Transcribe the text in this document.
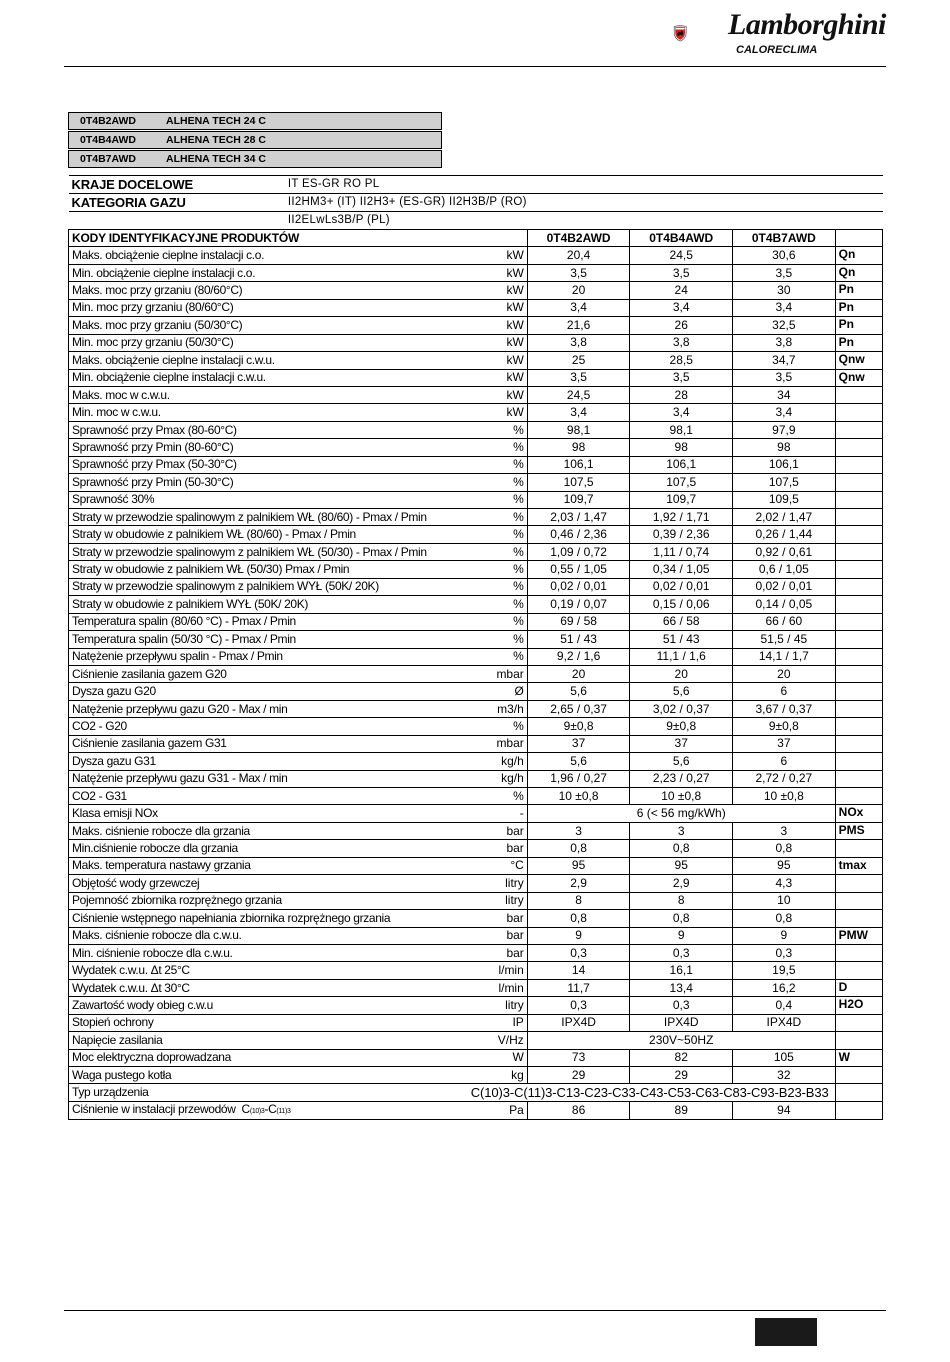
Lamborghini
CALORECLIMA
0T4B2AWD	ALHENA TECH 24 C
0T4B4AWD	ALHENA TECH 28 C
0T4B7AWD	ALHENA TECH 34 C
KRAJE DOCELOWE	IT ES-GR RO PL
KATEGORIA GAZU	II2HM3+ (IT) II2H3+ (ES-GR) II2H3B/P (RO)
	II2ELwLs3B/P (PL)
KODY IDENTYFIKACYJNE PRODUKTÓW		0T4B2AWD	0T4B4AWD	0T4B7AWD	
Maks. obciążenie cieplne instalacji c.o.	kW	20,4	24,5	30,6	Qn
Min. obciążenie cieplne instalacji c.o.	kW	3,5	3,5	3,5	Qn
Maks. moc przy grzaniu (80/60°C)	kW	20	24	30	Pn
Min. moc przy grzaniu (80/60°C)	kW	3,4	3,4	3,4	Pn
Maks. moc przy grzaniu (50/30°C)	kW	21,6	26	32,5	Pn
Min. moc przy grzaniu (50/30°C)	kW	3,8	3,8	3,8	Pn
Maks. obciążenie cieplne instalacji c.w.u.	kW	25	28,5	34,7	Qnw
Min. obciążenie cieplne instalacji c.w.u.	kW	3,5	3,5	3,5	Qnw
Maks. moc w c.w.u.	kW	24,5	28	34	
Min. moc w c.w.u.	kW	3,4	3,4	3,4	
Sprawność przy Pmax (80-60°C)	%	98,1	98,1	97,9	
Sprawność przy Pmin (80-60°C)	%	98	98	98	
Sprawność przy Pmax (50-30°C)	%	106,1	106,1	106,1	
Sprawność przy Pmin (50-30°C)	%	107,5	107,5	107,5	
Sprawność 30%	%	109,7	109,7	109,5	
Straty w przewodzie spalinowym z palnikiem WŁ (80/60) - Pmax / Pmin	%	2,03 / 1,47	1,92 / 1,71	2,02 / 1,47	
Straty w obudowie z palnikiem WŁ (80/60) - Pmax / Pmin	%	0,46 / 2,36	0,39 / 2,36	0,26 / 1,44	
Straty w przewodzie spalinowym z palnikiem WŁ (50/30) - Pmax / Pmin	%	1,09 / 0,72	1,11 / 0,74	0,92 / 0,61	
Straty w obudowie z palnikiem WŁ (50/30) Pmax / Pmin	%	0,55 / 1,05	0,34 / 1,05	0,6 / 1,05	
Straty w przewodzie spalinowym z palnikiem WYŁ (50K/ 20K)	%	0,02 / 0,01	0,02 / 0,01	0,02 / 0,01	
Straty w obudowie z palnikiem WYŁ (50K/ 20K)	%	0,19 / 0,07	0,15 / 0,06	0,14 / 0,05	
Temperatura spalin (80/60 °C) - Pmax / Pmin	%	69 / 58	66 / 58	66 / 60	
Temperatura spalin (50/30 °C) - Pmax / Pmin	%	51 / 43	51 / 43	51,5 / 45	
Natężenie przepływu spalin - Pmax / Pmin	%	9,2 / 1,6	11,1 / 1,6	14,1 / 1,7	
Ciśnienie zasilania gazem G20	mbar	20	20	20	
Dysza gazu G20	Ø	5,6	5,6	6	
Natężenie przepływu gazu G20 - Max / min	m3/h	2,65 / 0,37	3,02 / 0,37	3,67 / 0,37	
CO2 - G20	%	9±0,8	9±0,8	9±0,8	
Ciśnienie zasilania gazem G31	mbar	37	37	37	
Dysza gazu G31	kg/h	5,6	5,6	6	
Natężenie przepływu gazu G31 - Max / min	kg/h	1,96 / 0,27	2,23 / 0,27	2,72 / 0,27	
CO2 - G31	%	10 ±0,8	10 ±0,8	10 ±0,8	
Klasa emisji NOx	-	6 (< 56 mg/kWh)	NOx
Maks. ciśnienie robocze dla grzania	bar	3	3	3	PMS
Min.ciśnienie robocze dla grzania	bar	0,8	0,8	0,8	
Maks. temperatura nastawy grzania	°C	95	95	95	tmax
Objętość wody grzewczej	litry	2,9	2,9	4,3	
Pojemność zbiornika rozprężnego grzania	litry	8	8	10	
Ciśnienie wstępnego napełniania zbiornika rozprężnego grzania	bar	0,8	0,8	0,8	
Maks. ciśnienie robocze dla c.w.u.	bar	9	9	9	PMW
Min. ciśnienie robocze dla c.w.u.	bar	0,3	0,3	0,3	
Wydatek c.w.u. Δt 25°C	l/min	14	16,1	19,5	
Wydatek c.w.u. Δt 30°C	l/min	11,7	13,4	16,2	D
Zawartość wody obieg c.w.u	litry	0,3	0,3	0,4	H2O
Stopień ochrony	IP	IPX4D	IPX4D	IPX4D	
Napięcie zasilania	V/Hz	230V~50HZ	
Moc elektryczna doprowadzana	W	73	82	105	W
Waga pustego kotła	kg	29	29	32	
Typ urządzenia	C(10)3-C(11)3-C13-C23-C33-C43-C53-C63-C83-C93-B23-B33	
Ciśnienie w instalacji przewodów C(10)3-C(11)3	Pa	86	89	94	
